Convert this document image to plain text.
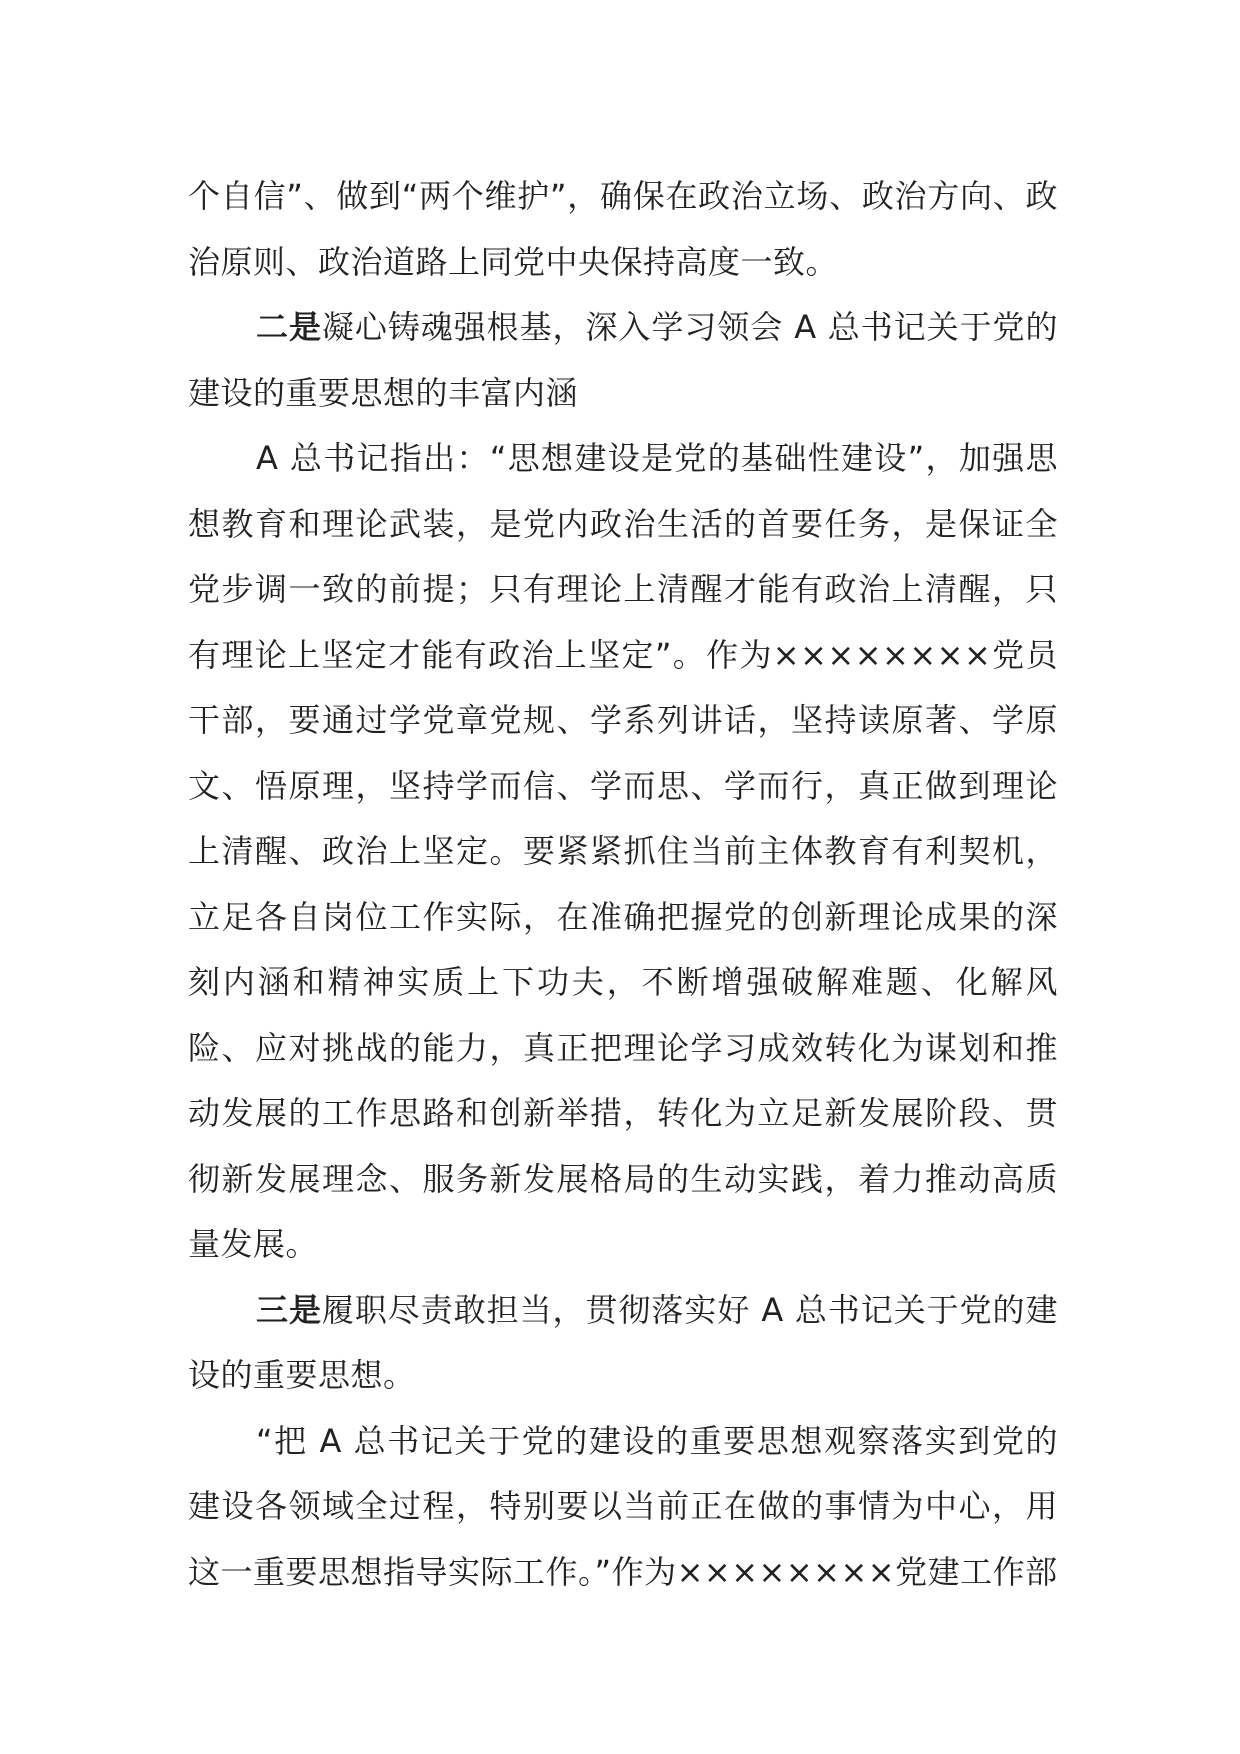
个自信”、做到“两个维护”，确保在政治立场、政治方向、政治原则、政治道路上同党中央保持高度一致。

二是凝心铸魂强根基，深入学习领会 A 总书记关于党的建设的重要思想的丰富内涵

A 总书记指出：“思想建设是党的基础性建设”，加强思想教育和理论武装，是党内政治生活的首要任务，是保证全党步调一致的前提；只有理论上清醒才能有政治上清醒，只有理论上坚定才能有政治上坚定”。作为××××××××党员干部，要通过学党章党规、学系列讲话，坚持读原著、学原文、悟原理，坚持学而信、学而思、学而行，真正做到理论上清醒、政治上坚定。要紧紧抓住当前主体教育有利契机，立足各自岗位工作实际，在准确把握党的创新理论成果的深刻内涵和精神实质上下功夫，不断增强破解难题、化解风险、应对挑战的能力，真正把理论学习成效转化为谋划和推动发展的工作思路和创新举措，转化为立足新发展阶段、贯彻新发展理念、服务新发展格局的生动实践，着力推动高质量发展。

三是履职尽责敢担当，贯彻落实好 A 总书记关于党的建设的重要思想。

“把 A 总书记关于党的建设的重要思想观察落实到党的建设各领域全过程，特别要以当前正在做的事情为中心，用这一重要思想指导实际工作。”作为××××××××党建工作部
